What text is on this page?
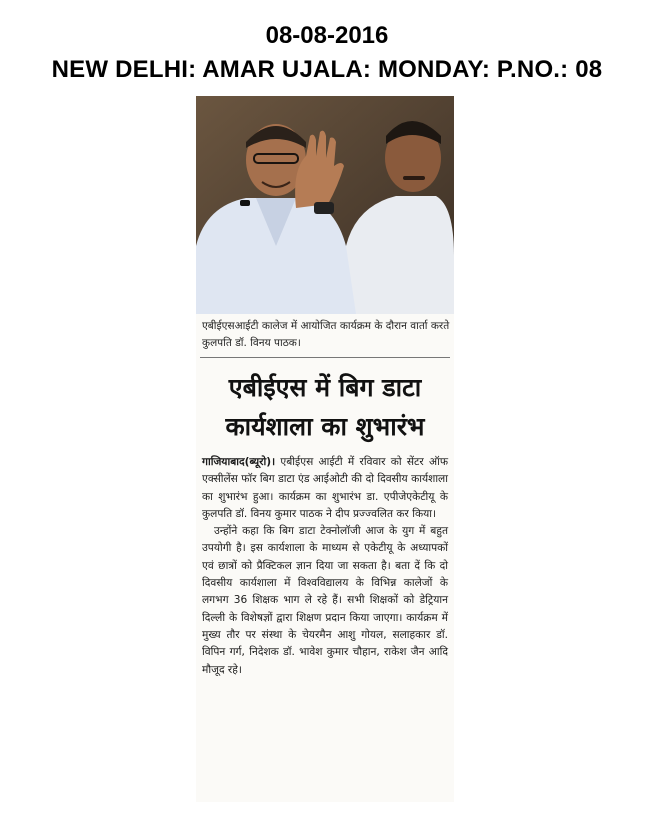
08-08-2016
NEW DELHI: AMAR UJALA: MONDAY: P.NO.: 08
एबीईएसआईटी कालेज में आयोजित कार्यक्रम के दौरान वार्ता करते कुलपति डॉ. विनय पाठक।
एबीईएस में बिग डाटा
कार्यशाला का शुभारंभ

गाजियाबाद(ब्यूरो)। एबीईएस आईटी में रविवार को सेंटर ऑफ एक्सीलेंस फॉर बिग डाटा एंड आईओटी की दो दिवसीय कार्यशाला का शुभारंभ हुआ। कार्यक्रम का शुभारंभ डा. एपीजेएकेटीयू के कुलपति डॉ. विनय कुमार पाठक ने दीप प्रज्ज्वलित कर किया।

उन्होंने कहा कि बिग डाटा टेक्नोलॉजी आज के युग में बहुत उपयोगी है। इस कार्यशाला के माध्यम से एकेटीयू के अध्यापकों एवं छात्रों को प्रैक्टिकल ज्ञान दिया जा सकता है। बता दें कि दो दिवसीय कार्यशाला में विश्वविद्यालय के विभिन्न कालेजों के लगभग 36 शिक्षक भाग ले रहे हैं। सभी शिक्षकों को डेट्रियान दिल्ली के विशेषज्ञों द्वारा शिक्षण प्रदान किया जाएगा। कार्यक्रम में मुख्य तौर पर संस्था के चेयरमैन आशु गोयल, सलाहकार डॉ. विपिन गर्ग, निदेशक डॉ. भावेश कुमार चौहान, राकेश जैन आदि मौजूद रहे।
